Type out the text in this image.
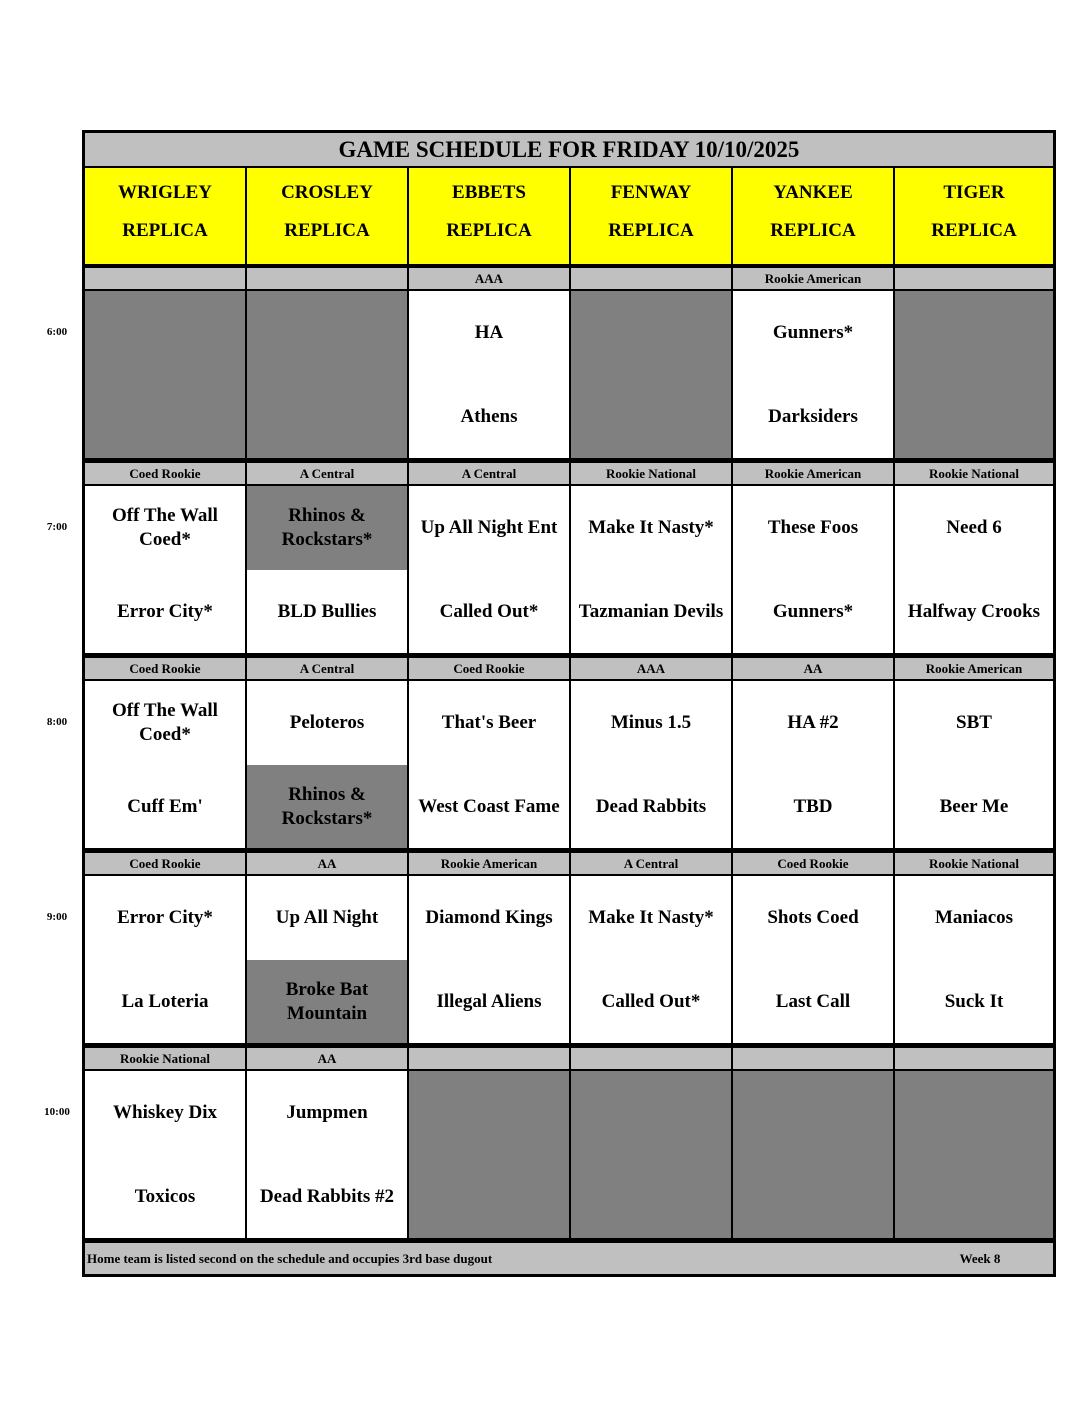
6:00
7:00
8:00
9:00
10:00
GAME SCHEDULE FOR FRIDAY 10/10/2025
WRIGLEY
REPLICA
CROSLEY
REPLICA
EBBETS
REPLICA
FENWAY
REPLICA
YANKEE
REPLICA
TIGER
REPLICA
AAA
HA
Athens
Rookie American
Gunners*
Darksiders
Coed Rookie
Off The Wall Coed*
Error City*
A Central
Rhinos & Rockstars*
BLD Bullies
A Central
Up All Night Ent
Called Out*
Rookie National
Make It Nasty*
Tazmanian Devils
Rookie American
These Foos
Gunners*
Rookie National
Need 6
Halfway Crooks
Coed Rookie
Off The Wall Coed*
Cuff Em'
A Central
Peloteros
Rhinos & Rockstars*
Coed Rookie
That's Beer
West Coast Fame
AAA
Minus 1.5
Dead Rabbits
AA
HA #2
TBD
Rookie American
SBT
Beer Me
Coed Rookie
Error City*
La Loteria
AA
Up All Night
Broke Bat Mountain
Rookie American
Diamond Kings
Illegal Aliens
A Central
Make It Nasty*
Called Out*
Coed Rookie
Shots Coed
Last Call
Rookie National
Maniacos
Suck It
Rookie National
Whiskey Dix
Toxicos
AA
Jumpmen
Dead Rabbits #2
Home team is listed second on the schedule and occupies 3rd base dugout	Week 8
